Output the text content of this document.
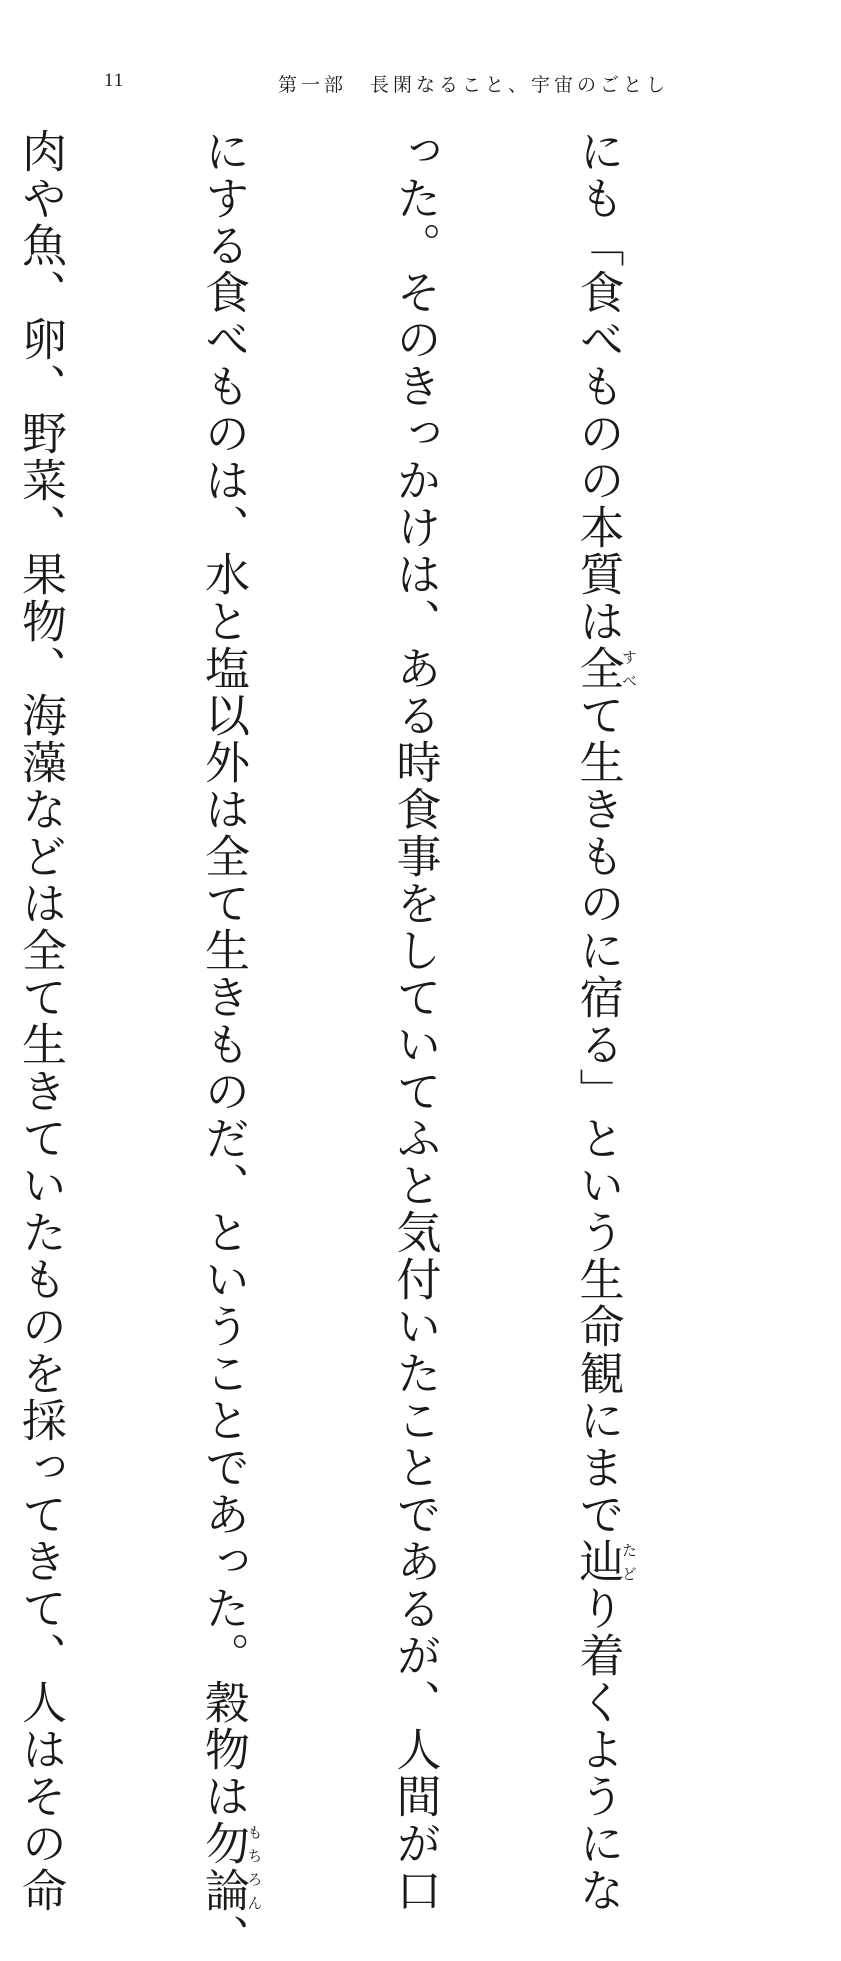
11	第一部　長閑なること、宇宙のごとし

にも「食べものの本質は全すべて生きものに宿る」という生命観にまで辿たどり着くようにな

った。そのきっかけは、ある時食事をしていてふと気付いたことであるが、人間が口

にする食べものは、水と塩以外は全て生きものだ、ということであった。穀物は勿論もちろん、

肉や魚、卵、野菜、果物、海藻などは全て生きていたものを採ってきて、人はその命
